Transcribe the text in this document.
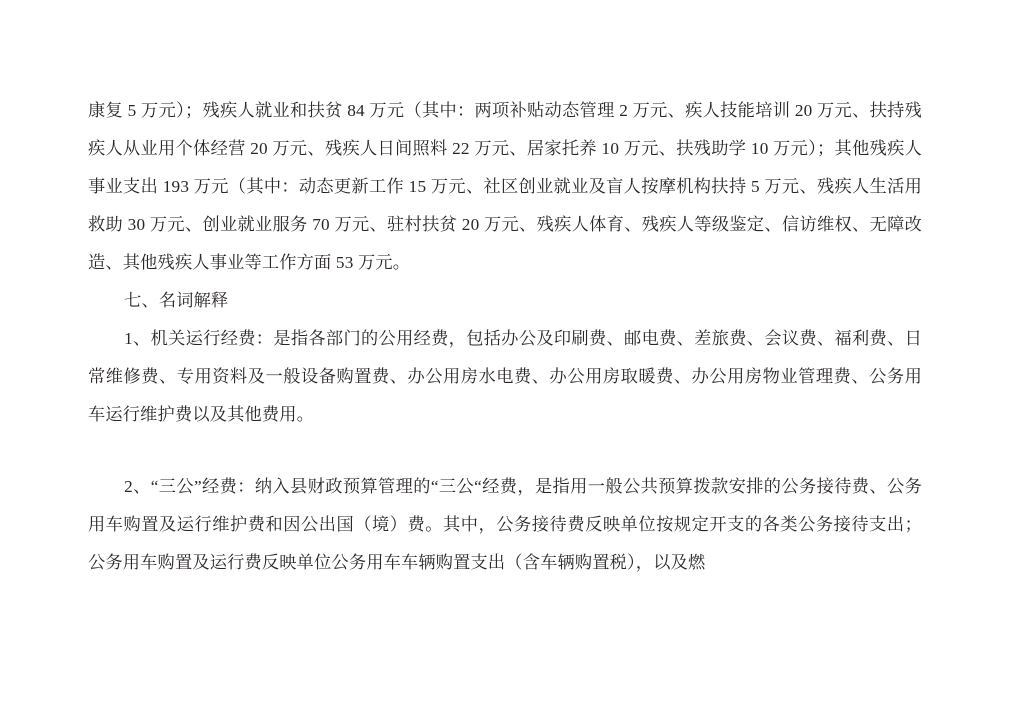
康复 5 万元）；残疾人就业和扶贫 84 万元（其中：两项补贴动态管理 2 万元、疾人技能培训 20 万元、扶持残疾人从业用个体经营 20 万元、残疾人日间照料 22 万元、居家托养 10 万元、扶残助学 10 万元）；其他残疾人事业支出 193 万元（其中：动态更新工作 15 万元、社区创业就业及盲人按摩机构扶持 5 万元、残疾人生活用救助 30 万元、创业就业服务 70 万元、驻村扶贫 20 万元、残疾人体育、残疾人等级鉴定、信访维权、无障改造、其他残疾人事业等工作方面 53 万元。

七、名词解释

1、机关运行经费：是指各部门的公用经费，包括办公及印刷费、邮电费、差旅费、会议费、福利费、日常维修费、专用资料及一般设备购置费、办公用房水电费、办公用房取暖费、办公用房物业管理费、公务用车运行维护费以及其他费用。

2、“三公”经费：纳入县财政预算管理的“三公“经费，是指用一般公共预算拨款安排的公务接待费、公务用车购置及运行维护费和因公出国（境）费。其中，公务接待费反映单位按规定开支的各类公务接待支出；公务用车购置及运行费反映单位公务用车车辆购置支出（含车辆购置税），以及燃
